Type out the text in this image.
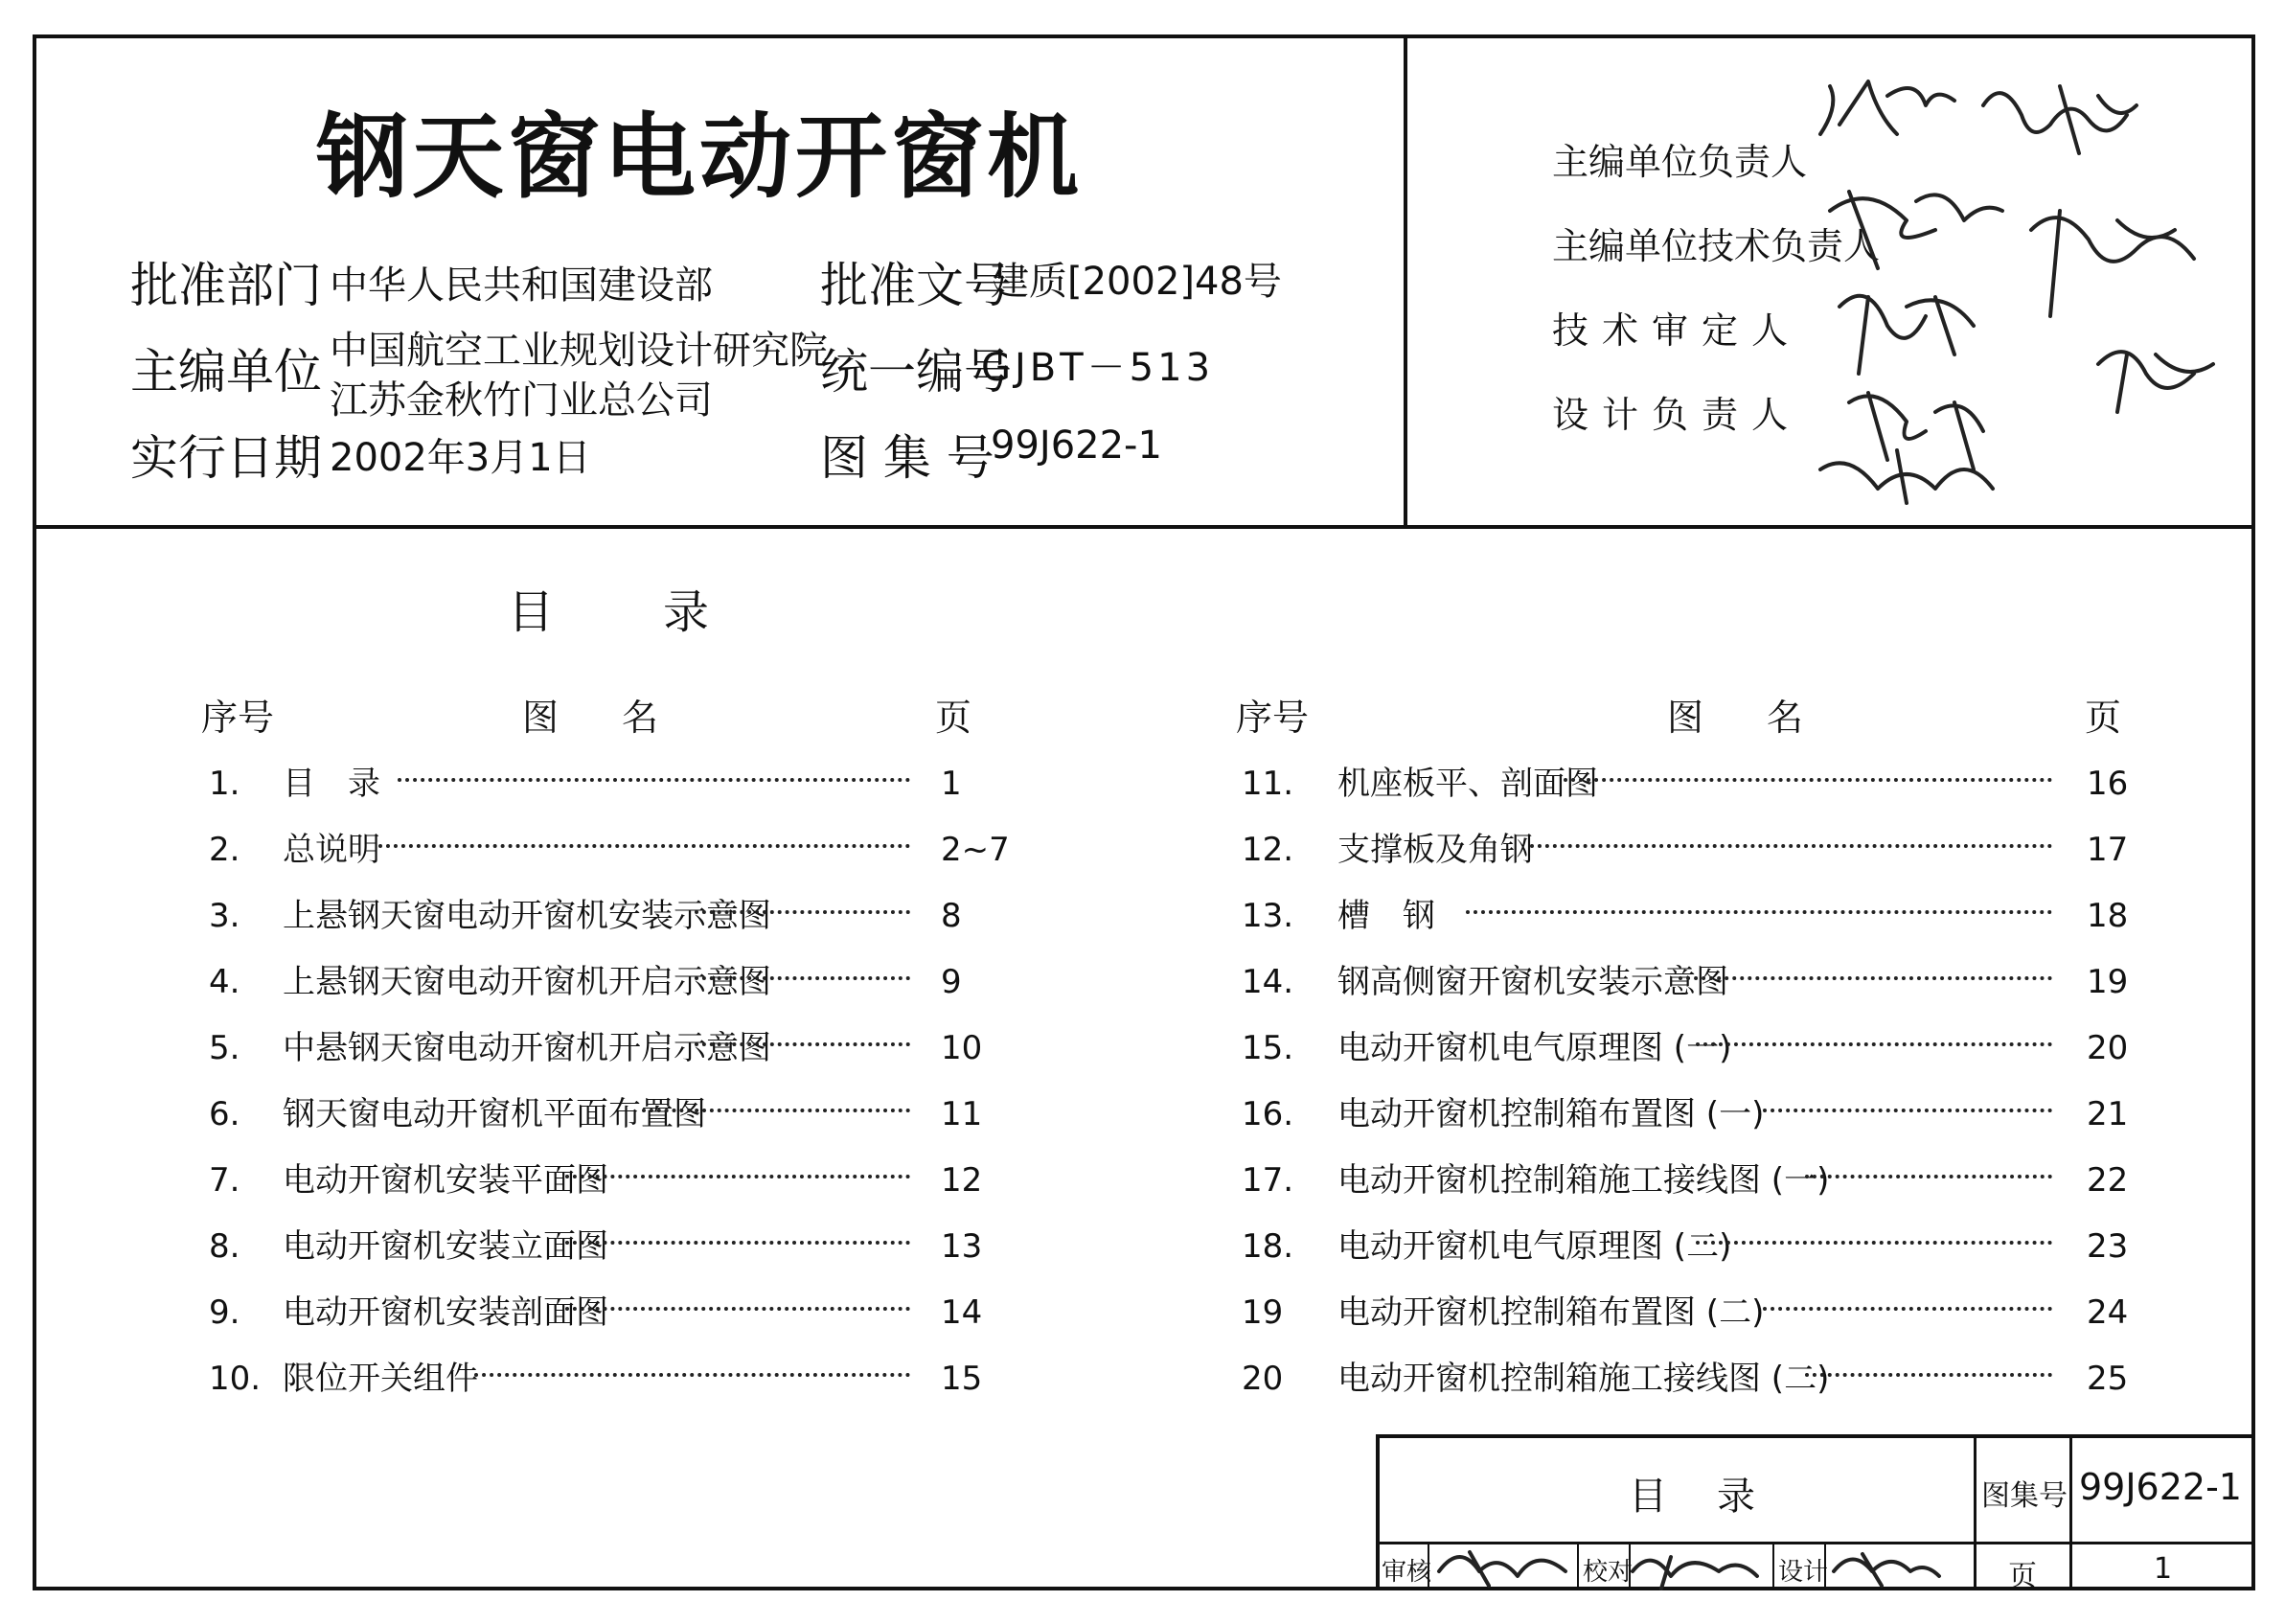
钢天窗电动开窗机
批准部门 中华人民共和国建设部
主编单位 中国航空工业规划设计研究院
江苏金秋竹门业总公司
实行日期 2002年3月1日
批准文号
建质[2002]48号
统一编号
GJBT－513
图 集 号
99J622-1
主编单位负责人
主编单位技术负责人
技术审定人
设计负责人
目　　录
序号	图　名	页	序号	图　名	页
1. 目　录	1
2. 总说明	2~7
3. 上悬钢天窗电动开窗机安装示意图	8
4. 上悬钢天窗电动开窗机开启示意图	9
5. 中悬钢天窗电动开窗机开启示意图	10
6. 钢天窗电动开窗机平面布置图	11
7. 电动开窗机安装平面图	12
8. 电动开窗机安装立面图	13
9. 电动开窗机安装剖面图	14
10. 限位开关组件	15
11. 机座板平、剖面图	16
12. 支撑板及角钢	17
13. 槽　钢	18
14. 钢高侧窗开窗机安装示意图	19
15. 电动开窗机电气原理图 (一)	20
16. 电动开窗机控制箱布置图 (一)	21
17. 电动开窗机控制箱施工接线图 (一)	22
18. 电动开窗机电气原理图 (二)	23
19 电动开窗机控制箱布置图 (二)	24
20 电动开窗机控制箱施工接线图 (二)	25
目　录	图集号 99J622-1
审核	校对	设计	页	1
